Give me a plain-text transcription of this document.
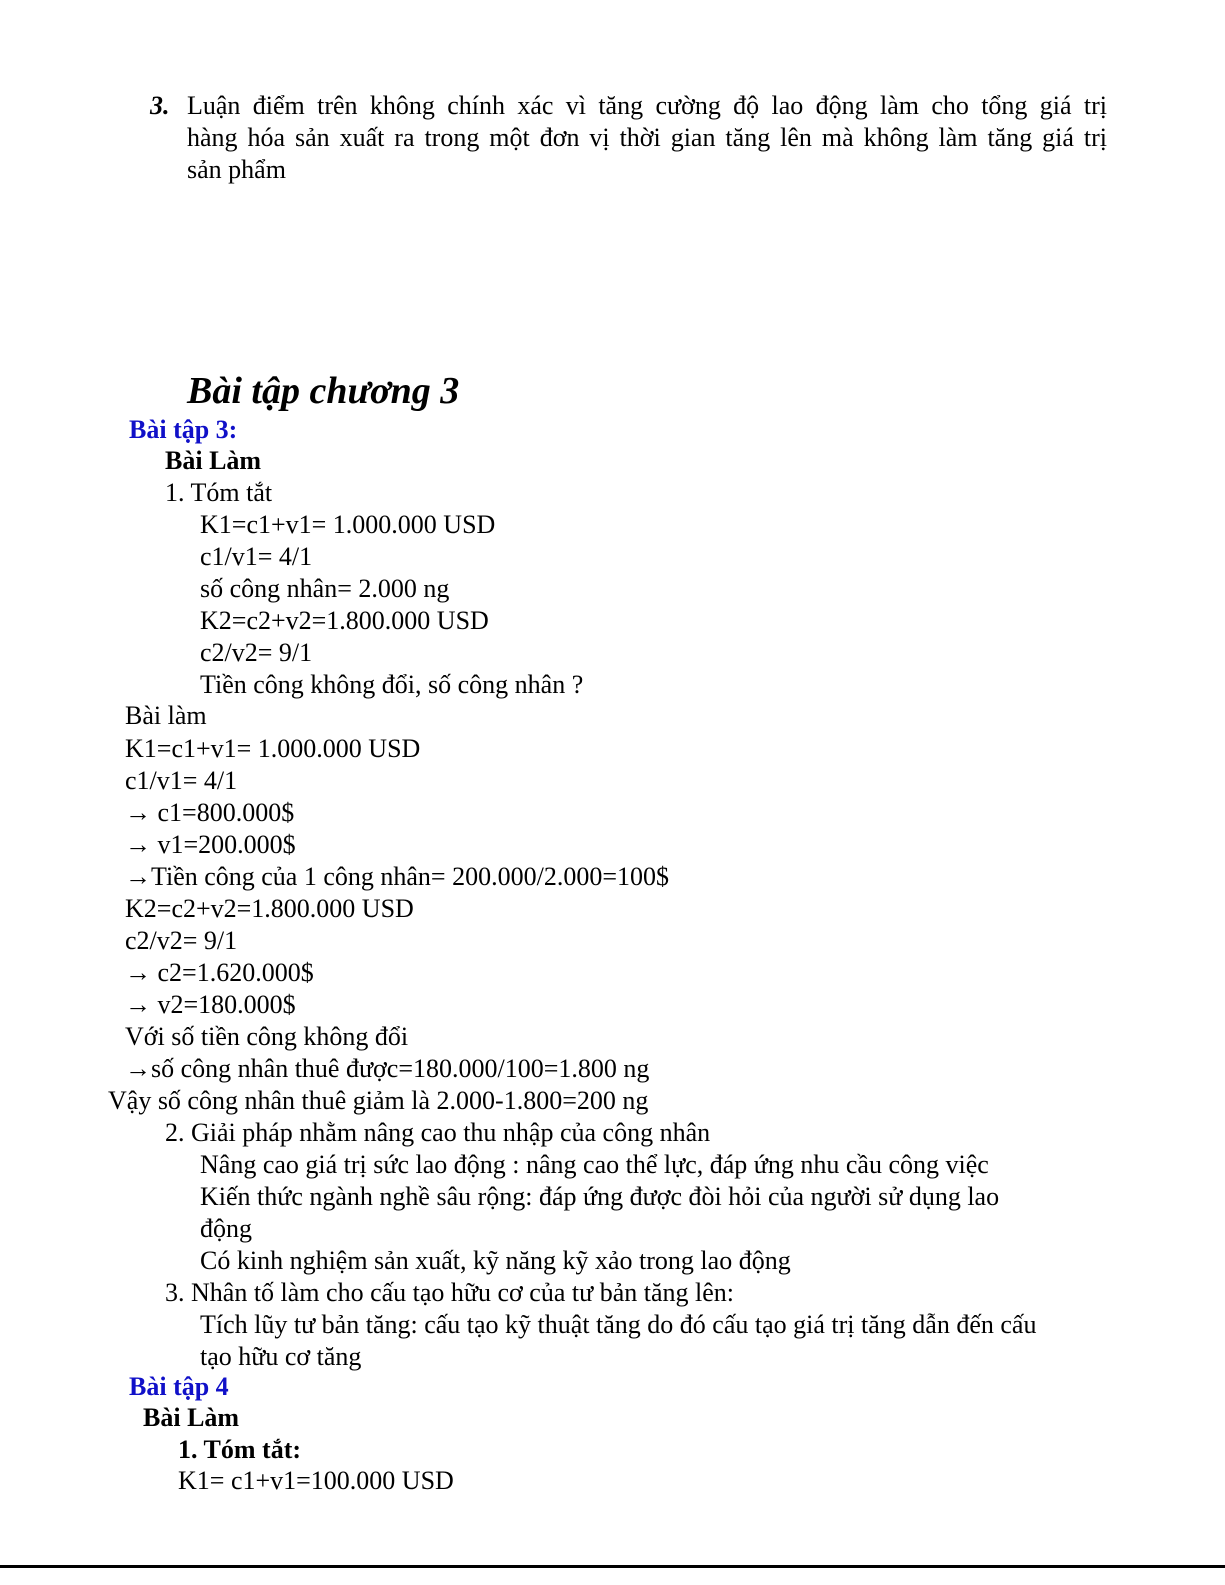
3. Luận điểm trên không chính xác vì tăng cường độ lao động làm cho tổng giá trị
hàng hóa sản xuất ra trong một đơn vị thời gian tăng lên mà không làm tăng giá trị
sản phẩm
Bài tập chương 3
Bài tập 3:
Bài Làm
1. Tóm tắt
K1=c1+v1= 1.000.000 USD
c1/v1= 4/1
số công nhân= 2.000 ng
K2=c2+v2=1.800.000 USD
c2/v2= 9/1
Tiền công không đổi, số công nhân ?
Bài làm
K1=c1+v1= 1.000.000 USD
c1/v1= 4/1
→ c1=800.000$
→ v1=200.000$
→Tiền công của 1 công nhân= 200.000/2.000=100$
K2=c2+v2=1.800.000 USD
c2/v2= 9/1
→ c2=1.620.000$
→ v2=180.000$
Với số tiền công không đổi
→số công nhân thuê được=180.000/100=1.800 ng
Vậy số công nhân thuê giảm là 2.000-1.800=200 ng
2. Giải pháp nhằm nâng cao thu nhập của công nhân
Nâng cao giá trị sức lao động : nâng cao thể lực, đáp ứng nhu cầu công việc
Kiến thức ngành nghề sâu rộng: đáp ứng được đòi hỏi của người sử dụng lao
động
Có kinh nghiệm sản xuất, kỹ năng kỹ xảo trong lao động
3. Nhân tố làm cho cấu tạo hữu cơ của tư bản tăng lên:
Tích lũy tư bản tăng: cấu tạo kỹ thuật tăng do đó cấu tạo giá trị tăng dẫn đến cấu
tạo hữu cơ tăng
Bài tập 4
Bài Làm
1. Tóm tắt:
K1= c1+v1=100.000 USD
